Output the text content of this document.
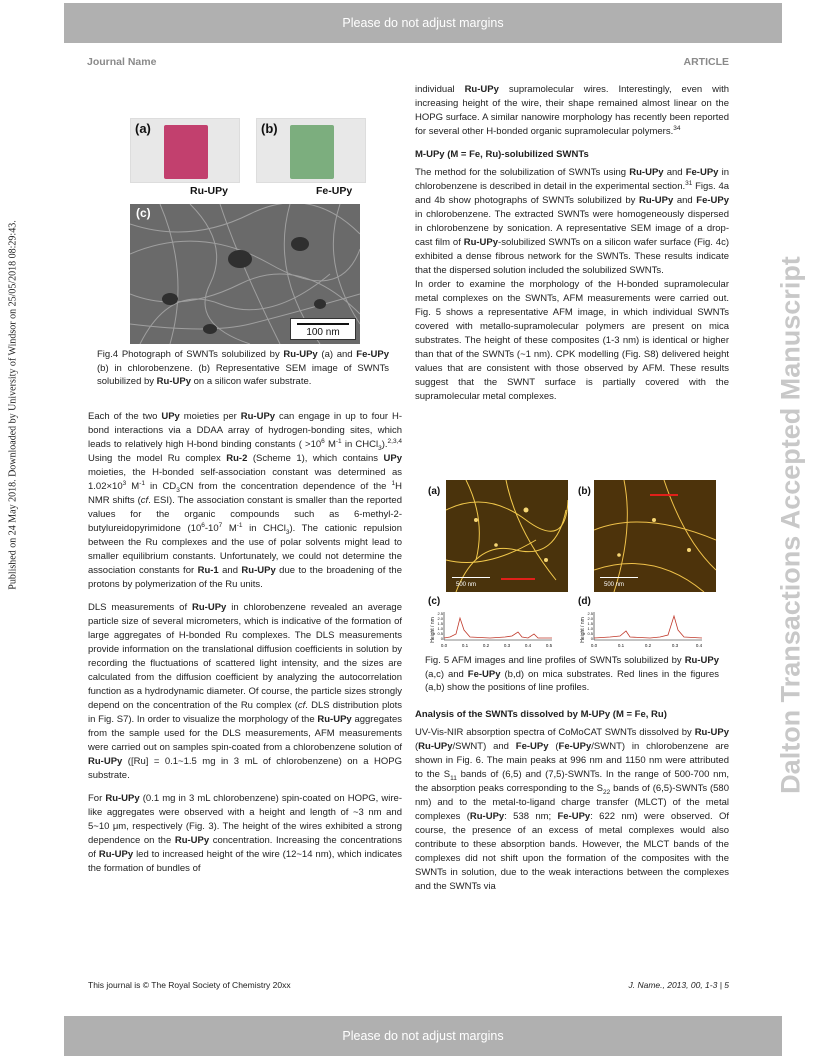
Please do not adjust margins
Journal Name	ARTICLE
Published on 24 May 2018. Downloaded by University of Windsor on 25/05/2018 08:29:43.	Dalton Transactions Accepted Manuscript
(a)	(b)
Ru-UPy	Fe-UPy
(c)
100 nm
Fig.4 Photograph of SWNTs solubilized by Ru-UPy (a) and Fe-UPy (b) in chlorobenzene. (b) Representative SEM image of SWNTs solubilized by Ru-UPy on a silicon wafer substrate.

Each of the two UPy moieties per Ru-UPy can engage in up to four H-bond interactions via a DDAA array of hydrogen-bonding sites, which leads to relatively high H-bond binding constants ( $>10^6$ $M^{-1}$ in CHCl$_3$).$^{2,3,4}$ Using the model Ru complex Ru-2 (Scheme 1), which contains UPy moieties, the H-bonded self-association constant was determined as $1.02\times 10^3$ $M^{-1}$ in $CD_3CN$ from the concentration dependence of the $^1$H NMR shifts (cf. ESI). The association constant is smaller than the reported values for the organic compounds such as 6-methyl-2-butylureidopyrimidone ($10^6-10^7$ $M^{-1}$ in CHCl$_3$). The cationic repulsion between the Ru complexes and the use of polar solvents might lead to smaller equilibrium constants. Unfortunately, we could not determine the association constants for Ru-1 and Ru-UPy due to the broadening of the protons by polymerization of the Ru units.

DLS measurements of Ru-UPy in chlorobenzene revealed an average particle size of several micrometers, which is indicative of the formation of large aggregates of H-bonded Ru complexes. The DLS measurements provide information on the translational diffusion coefficients in solution by recording the fluctuations of scattered light intensity, and the sizes are calculated from the diffusion coefficient by analyzing the autocorrelation function as a hydrodynamic diameter. Of course, the particle sizes strongly depend on the concentration of the Ru complex (cf. DLS distribution plots in Fig. S7). In order to visualize the morphology of the Ru-UPy aggregates from the sample used for the DLS measurements, AFM measurements were carried out on samples spin-coated from a chlorobenzene solution of Ru-UPy ([Ru] = 0.1~1.5 mg in 3 mL of chlorobenzene) on a HOPG substrate.

For Ru-UPy (0.1 mg in 3 mL chlorobenzene) spin-coated on HOPG, wire-like aggregates were observed with a height and length of ~3 nm and 5~10 μm, respectively (Fig. 3). The height of the wires exhibited a strong dependence on the Ru-UPy concentration. Increasing the concentrations of Ru-UPy led to increased height of the wire (12~14 nm), which indicates the formation of bundles of

individual Ru-UPy supramolecular wires. Interestingly, even with increasing height of the wire, their shape remained almost linear on the HOPG surface. A similar nanowire morphology has recently been reported for several other H-bonded organic supramolecular polymers.$^{34}$

M-UPy (M = Fe, Ru)-solubilized SWNTs

The method for the solubilization of SWNTs using Ru-UPy and Fe-UPy in chlorobenzene is described in detail in the experimental section.$^{31}$ Figs. 4a and 4b show photographs of SWNTs solubilized by Ru-UPy and Fe-UPy in chlorobenzene. The extracted SWNTs were homogeneously dispersed in chlorobenzene by sonication. A representative SEM image of a drop-cast film of Ru-UPy-solubilized SWNTs on a silicon wafer surface (Fig. 4c) exhibited a dense fibrous network for the SWNTs. These results indicate that the dispersed solution included the solubilized SWNTs.

In order to examine the morphology of the H-bonded supramolecular metal complexes on the SWNTs, AFM measurements were carried out. Fig. 5 shows a representative AFM image, in which individual SWNTs covered with metallo-supramolecular polymers are present on mica substrates. The height of these composites (1-3 nm) is identical or higher than that of the SWNTs (~1 nm). CPK modelling (Fig. S8) delivered height values that are consistent with those observed by AFM. These results suggest that the SWNT surface is partially covered with the supramolecular metal complexes.

(a)	(b)
500 nm	500 nm
(c)	(d)
Height / nm
0.0	0.1	0.2	0.3	0.4	0.5
2.5
2.0
1.5
1.0
0.5
0	Height / nm
0.0	0.1	0.2	0.3	0.4
2.5
2.0
1.5
1.0
0.5
0
Fig. 5 AFM images and line profiles of SWNTs solubilized by Ru-UPy (a,c) and Fe-UPy (b,d) on mica substrates. Red lines in the figures (a,b) show the positions of line profiles.
Analysis of the SWNTs dissolved by M-UPy (M = Fe, Ru)

UV-Vis-NIR absorption spectra of CoMoCAT SWNTs dissolved by Ru-UPy (Ru-UPy/SWNT) and Fe-UPy (Fe-UPy/SWNT) in chlorobenzene are shown in Fig. 6. The main peaks at 996 nm and 1150 nm were attributed to the $S_{11}$ bands of (6,5) and (7,5)-SWNTs. In the range of 500-700 nm, the absorption peaks corresponding to the $S_{22}$ bands of (6,5)-SWNTs (580 nm) and to the metal-to-ligand charge transfer (MLCT) of the metal complexes (Ru-UPy: 538 nm; Fe-UPy: 622 nm) were observed. Of course, the presence of an excess of metal complexes would also contribute to these absorption bands. However, the MLCT bands of the complexes did not shift upon the formation of the composites with the SWNTs in solution, due to the weak interactions between the complexes and the SWNTs via

This journal is © The Royal Society of Chemistry 20xx	J. Name., 2013, 00, 1-3 | 5
Please do not adjust margins
